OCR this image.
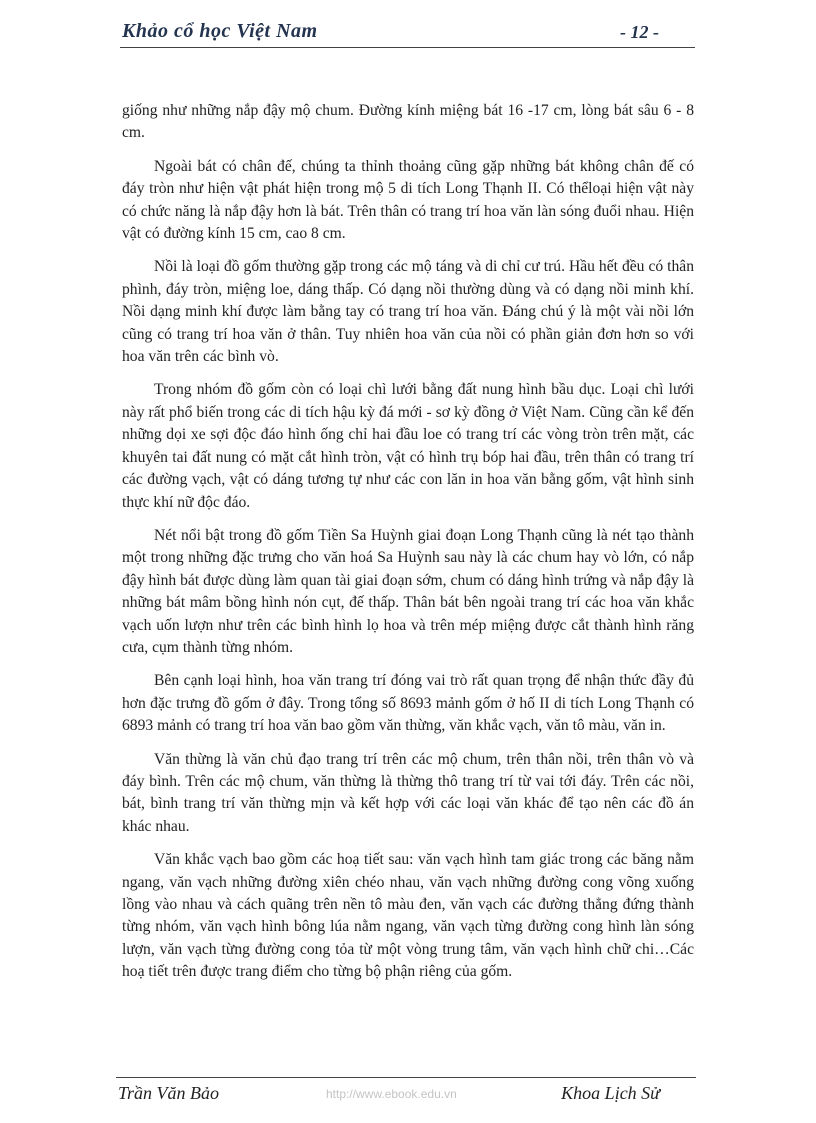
Khảo cổ học Việt Nam	- 12 -

giống như những nắp đậy mộ chum. Đường kính miệng bát 16 -17 cm, lòng bát sâu 6 - 8 cm.

Ngoài bát có chân đế, chúng ta thỉnh thoảng cũng gặp những bát không chân đế có đáy tròn như hiện vật phát hiện trong mộ 5 di tích Long Thạnh II. Có thểloại hiện vật này có chức năng là nắp đậy hơn là bát. Trên thân có trang trí hoa văn làn sóng đuổi nhau. Hiện vật có đường kính 15 cm, cao 8 cm.

Nồi là loại đồ gốm thường gặp trong các mộ táng và di chỉ cư trú. Hầu hết đều có thân phình, đáy tròn, miệng loe, dáng thấp. Có dạng nồi thường dùng và có dạng nồi minh khí. Nồi dạng minh khí được làm bằng tay có trang trí hoa văn. Đáng chú ý là một vài nồi lớn cũng có trang trí hoa văn ở thân. Tuy nhiên hoa văn của nồi có phần giản đơn hơn so với hoa văn trên các bình vò.

Trong nhóm đồ gốm còn có loại chì lưới bằng đất nung hình bầu dục. Loại chì lưới này rất phổ biến trong các di tích hậu kỳ đá mới - sơ kỳ đồng ở Việt Nam. Cũng cần kể đến những dọi xe sợi độc đáo hình ống chỉ hai đầu loe có trang trí các vòng tròn trên mặt, các khuyên tai đất nung có mặt cắt hình tròn, vật có hình trụ bóp hai đầu, trên thân có trang trí các đường vạch, vật có dáng tương tự như các con lăn in hoa văn bằng gốm, vật hình sinh thực khí nữ độc đáo.

Nét nổi bật trong đồ gốm Tiền Sa Huỳnh giai đoạn Long Thạnh cũng là nét tạo thành một trong những đặc trưng cho văn hoá Sa Huỳnh sau này là các chum hay vò lớn, có nắp đậy hình bát được dùng làm quan tài giai đoạn sớm, chum có dáng hình trứng và nắp đậy là những bát mâm bồng hình nón cụt, đế thấp. Thân bát bên ngoài trang trí các hoa văn khắc vạch uốn lượn như trên các bình hình lọ hoa và trên mép miệng được cắt thành hình răng cưa, cụm thành từng nhóm.

Bên cạnh loại hình, hoa văn trang trí đóng vai trò rất quan trọng để nhận thức đầy đủ hơn đặc trưng đồ gốm ở đây. Trong tổng số 8693 mảnh gốm ở hố II di tích Long Thạnh có 6893 mảnh có trang trí hoa văn bao gồm văn thừng, văn khắc vạch, văn tô màu, văn in.

Văn thừng là văn chủ đạo trang trí trên các mộ chum, trên thân nồi, trên thân vò và đáy bình. Trên các mộ chum, văn thừng là thừng thô trang trí từ vai tới đáy. Trên các nồi, bát, bình trang trí văn thừng mịn và kết hợp với các loại văn khác để tạo nên các đồ án khác nhau.

Văn khắc vạch bao gồm các hoạ tiết sau: văn vạch hình tam giác trong các băng nằm ngang, văn vạch những đường xiên chéo nhau, văn vạch những đường cong võng xuống lồng vào nhau và cách quãng trên nền tô màu đen, văn vạch các đường thẳng đứng thành từng nhóm, văn vạch hình bông lúa nằm ngang, văn vạch từng đường cong hình làn sóng lượn, văn vạch từng đường cong tỏa từ một vòng trung tâm, văn vạch hình chữ chi…Các hoạ tiết trên được trang điểm cho từng bộ phận riêng của gốm.

Trần Văn Bảo	http://www.ebook.edu.vn	Khoa Lịch Sử
